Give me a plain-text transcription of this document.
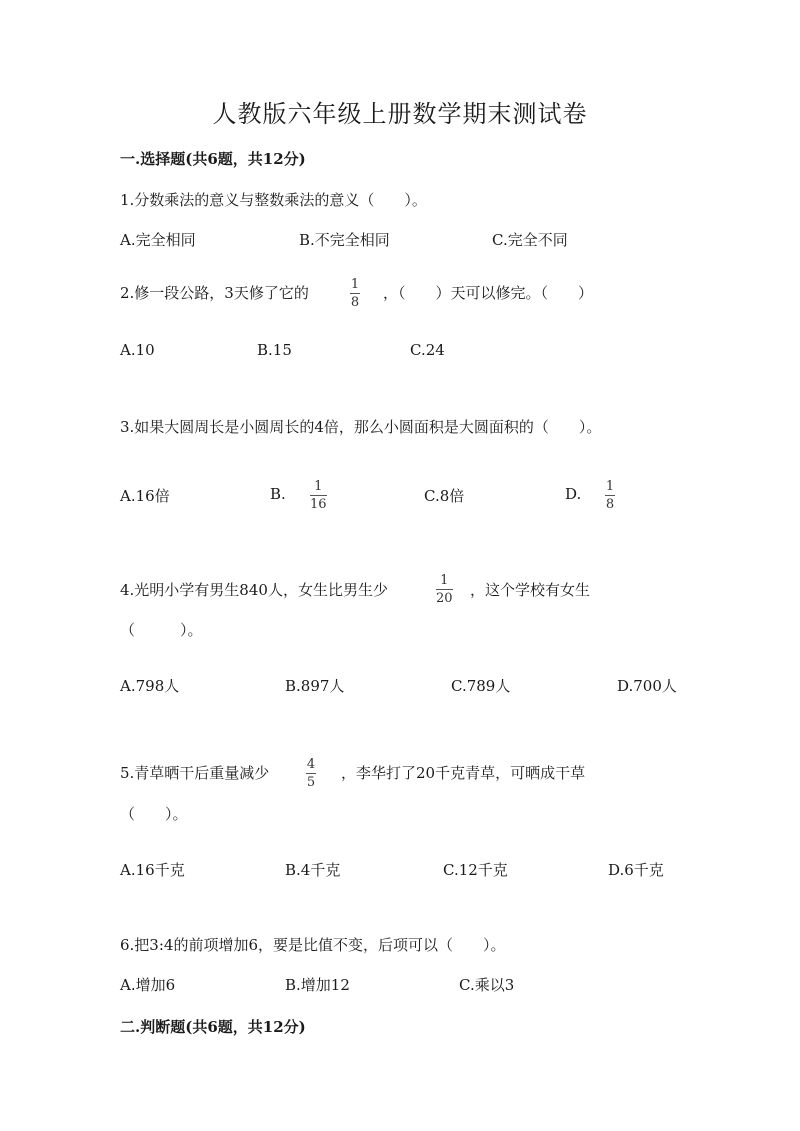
人教版六年级上册数学期末测试卷
一.选择题(共6题，共12分)
1.分数乘法的意义与整数乘法的意义（　　）。
A.完全相同	B.不完全相同	C.完全不同
2.修一段公路，3天修了它的	1
8
，（　　）天可以修完。（　　）
A.10	B.15	C.24
3.如果大圆周长是小圆周长的4倍，那么小圆面积是大圆面积的（　　）。
A.16倍	B. 1
16	C.8倍	D. 1
8
4.光明小学有男生840人，女生比男生少
1
20 ，这个学校有女生
（　　　）。
A.798人	B.897人	C.789人	D.700人
5.青草晒干后重量减少	4
5
，李华打了20千克青草，可晒成干草
（　　）。
A.16千克	B.4千克	C.12千克	D.6千克
6.把3:4的前项增加6，要是比值不变，后项可以（　　）。
A.增加6	B.增加12	C.乘以3
二.判断题(共6题，共12分)
